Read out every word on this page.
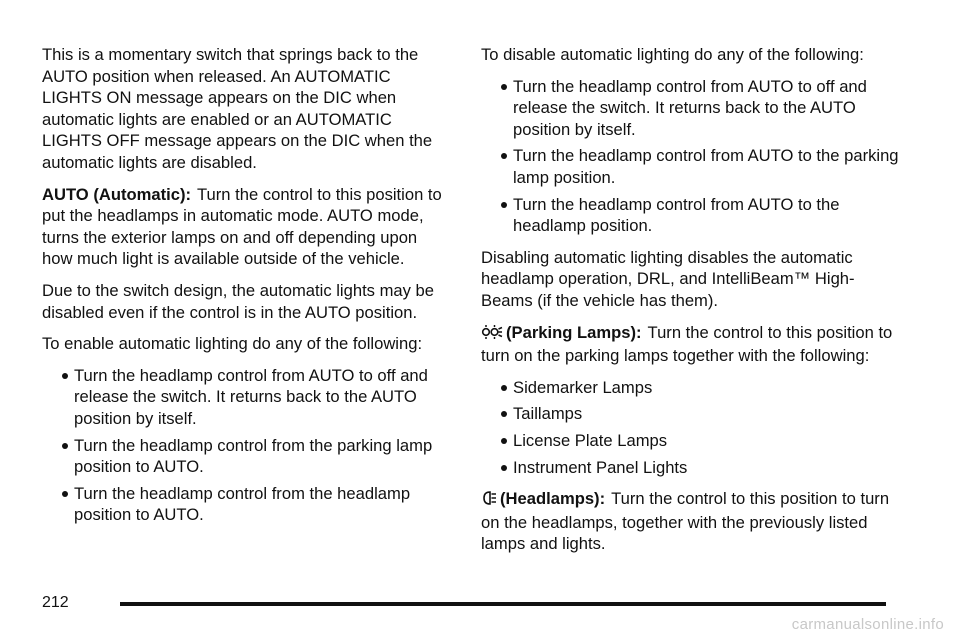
This is a momentary switch that springs back to the AUTO position when released. An AUTOMATIC LIGHTS ON message appears on the DIC when automatic lights are enabled or an AUTOMATIC LIGHTS OFF message appears on the DIC when the automatic lights are disabled.

AUTO (Automatic): Turn the control to this position to put the headlamps in automatic mode. AUTO mode, turns the exterior lamps on and off depending upon how much light is available outside of the vehicle.

Due to the switch design, the automatic lights may be disabled even if the control is in the AUTO position.

To enable automatic lighting do any of the following:

Turn the headlamp control from AUTO to off and release the switch. It returns back to the AUTO position by itself.
Turn the headlamp control from the parking lamp position to AUTO.
Turn the headlamp control from the headlamp position to AUTO.

To disable automatic lighting do any of the following:

Turn the headlamp control from AUTO to off and release the switch. It returns back to the AUTO position by itself.
Turn the headlamp control from AUTO to the parking lamp position.
Turn the headlamp control from AUTO to the headlamp position.

Disabling automatic lighting disables the automatic headlamp operation, DRL, and IntelliBeam™ High-Beams (if the vehicle has them).

(Parking Lamps): Turn the control to this position to turn on the parking lamps together with the following:

Sidemarker Lamps
Taillamps
License Plate Lamps
Instrument Panel Lights

(Headlamps): Turn the control to this position to turn on the headlamps, together with the previously listed lamps and lights.

212
carmanualsonline.info
